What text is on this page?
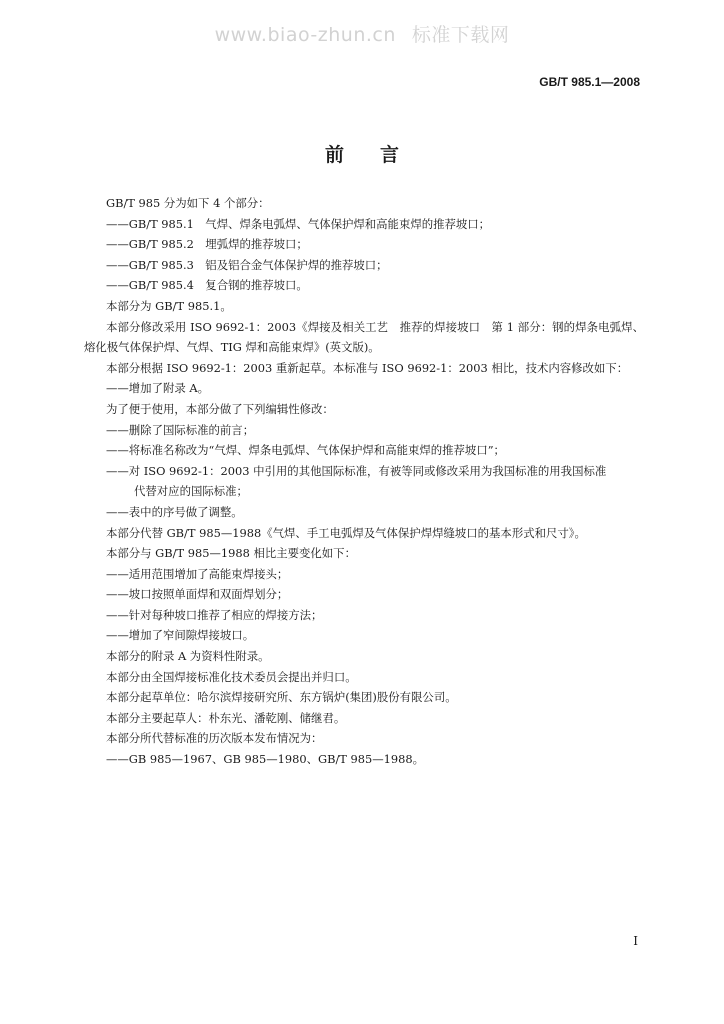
www.biao-zhun.cn 标准下载网
GB/T 985.1—2008
前言
GB/T 985 分为如下 4 个部分：
——GB/T 985.1　气焊、焊条电弧焊、气体保护焊和高能束焊的推荐坡口；
——GB/T 985.2　埋弧焊的推荐坡口；
——GB/T 985.3　铝及铝合金气体保护焊的推荐坡口；
——GB/T 985.4　复合钢的推荐坡口。
本部分为 GB/T 985.1。
本部分修改采用 ISO 9692-1：2003《焊接及相关工艺　推荐的焊接坡口　第 1 部分：钢的焊条电弧焊、熔化极气体保护焊、气焊、TIG 焊和高能束焊》(英文版)。
本部分根据 ISO 9692-1：2003 重新起草。本标准与 ISO 9692-1：2003 相比，技术内容修改如下：
——增加了附录 A。
为了便于使用，本部分做了下列编辑性修改：
——删除了国际标准的前言；
——将标准名称改为“气焊、焊条电弧焊、气体保护焊和高能束焊的推荐坡口”；
——对 ISO 9692-1：2003 中引用的其他国际标准，有被等同或修改采用为我国标准的用我国标准
代替对应的国际标准；
——表中的序号做了调整。
本部分代替 GB/T 985—1988《气焊、手工电弧焊及气体保护焊焊缝坡口的基本形式和尺寸》。
本部分与 GB/T 985—1988 相比主要变化如下：
——适用范围增加了高能束焊接头；
——坡口按照单面焊和双面焊划分；
——针对每种坡口推荐了相应的焊接方法；
——增加了窄间隙焊接坡口。
本部分的附录 A 为资料性附录。
本部分由全国焊接标准化技术委员会提出并归口。
本部分起草单位：哈尔滨焊接研究所、东方锅炉(集团)股份有限公司。
本部分主要起草人：朴东光、潘乾刚、储继君。
本部分所代替标准的历次版本发布情况为：
——GB 985—1967、GB 985—1980、GB/T 985—1988。
I
